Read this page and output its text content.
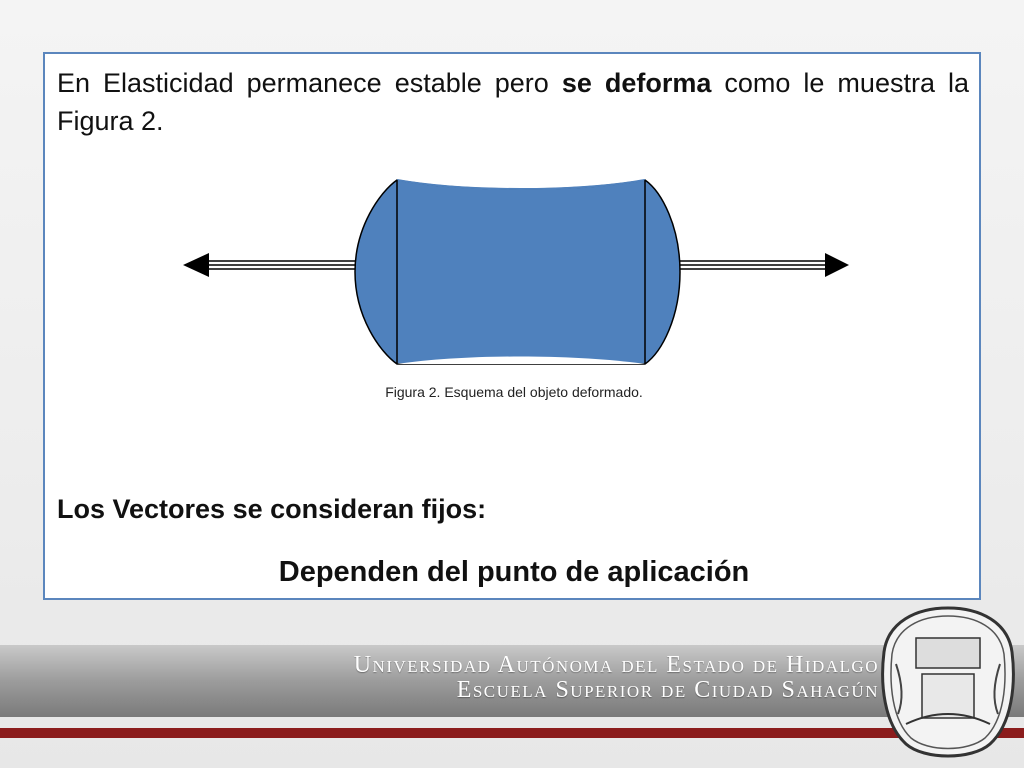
En Elasticidad permanece estable pero se deforma como le muestra la Figura 2.
Figura 2. Esquema del objeto deformado.
Los Vectores se consideran fijos:
Dependen del punto de aplicación
Universidad Autónoma del Estado de Hidalgo
Escuela Superior de Ciudad Sahagún
